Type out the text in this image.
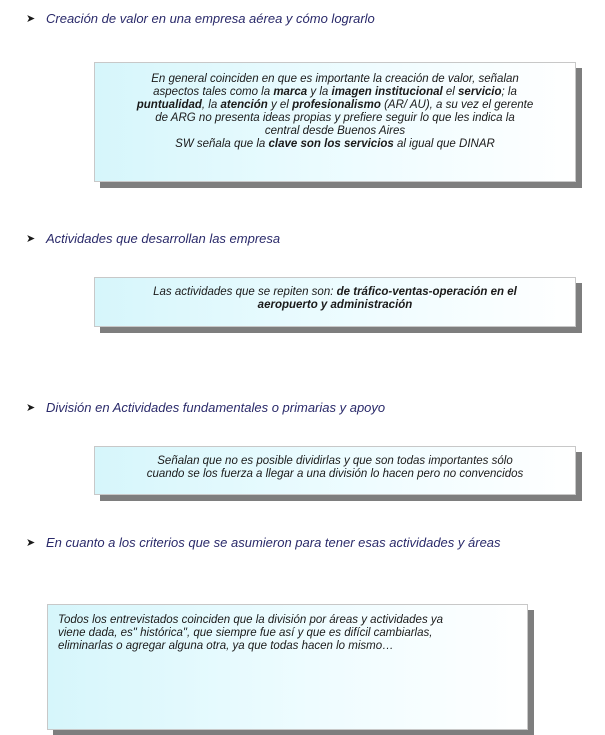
➤ Creación de valor en una empresa aérea y cómo lograrlo
En general coinciden en que es importante la creación de valor, señalan
aspectos tales como la marca y la imagen institucional el servicio; la
puntualidad, la atención y el profesionalismo (AR/ AU), a su vez el gerente
de ARG no presenta ideas propias y prefiere seguir lo que les indica la
central desde Buenos Aires
SW señala que la clave son los servicios al igual que DINAR
➤ Actividades que desarrollan las empresa
Las actividades que se repiten son: de tráfico-ventas-operación en el
aeropuerto y administración
➤ División en Actividades fundamentales o primarias y apoyo
Señalan que no es posible dividirlas y que son todas importantes sólo
cuando se los fuerza a llegar a una división lo hacen pero no convencidos
➤ En cuanto a los criterios que se asumieron para tener esas actividades y áreas
Todos los entrevistados coinciden que la división por áreas y actividades ya
viene dada, es" histórica", que siempre fue así y que es difícil cambiarlas,
eliminarlas o agregar alguna otra, ya que todas hacen lo mismo…
